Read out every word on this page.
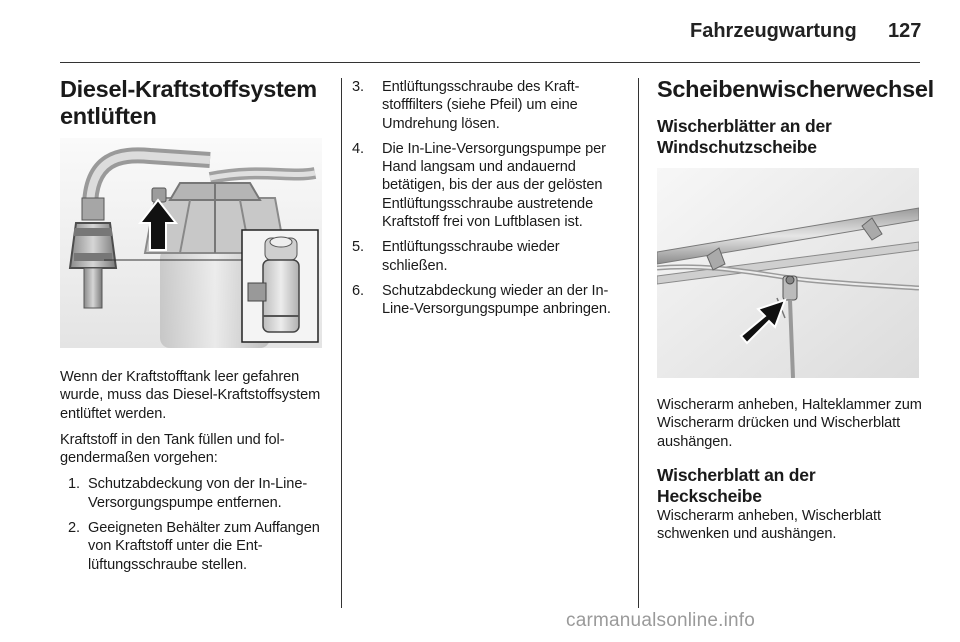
Fahrzeugwartung 127
Diesel-Kraftstoffsystem
entlüften

Wenn der Kraftstofftank leer gefahren wurde, muss das Diesel-Kraftstoffsystem entlüftet werden.

Kraftstoff in den Tank füllen und folgendermaßen vorgehen:

1. Schutzabdeckung von der In-Line-Versorgungspumpe entfernen.
2. Geeigneten Behälter zum Auffangen von Kraftstoff unter die Entlüftungsschraube stellen.
3. Entlüftungsschraube des Kraftstofffilters (siehe Pfeil) um eine Umdrehung lösen.
4. Die In-Line-Versorgungspumpe per Hand langsam und andauernd betätigen, bis der aus der gelösten Entlüftungsschraube austretende Kraftstoff frei von Luftblasen ist.
5. Entlüftungsschraube wieder schließen.
6. Schutzabdeckung wieder an der In-Line-Versorgungspumpe anbringen.
Scheibenwischerwechsel
Wischerblätter an der
Windschutzscheibe

Wischerarm anheben, Halteklammer zum Wischerarm drücken und Wischerblatt aushängen.

Wischerblatt an der
Heckscheibe

Wischerarm anheben, Wischerblatt schwenken und aushängen.

carmanualsonline.info
